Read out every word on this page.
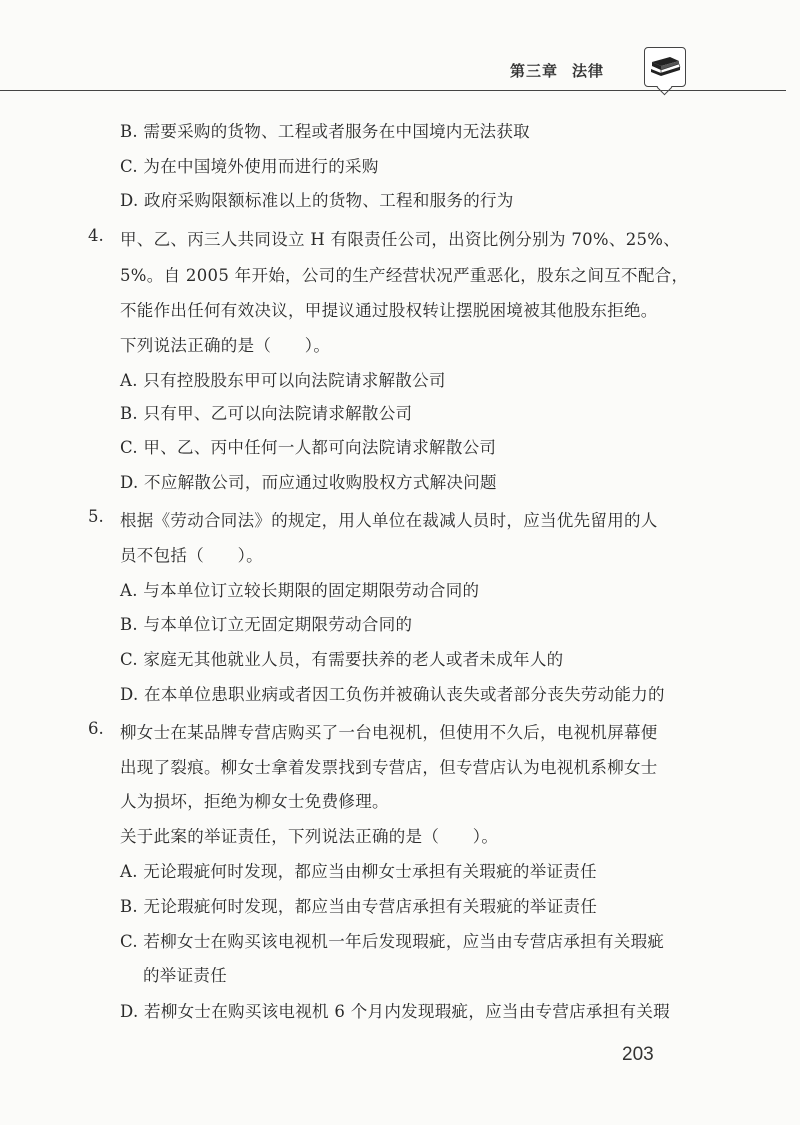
第三章 法律
B. 需要采购的货物、工程或者服务在中国境内无法获取
C. 为在中国境外使用而进行的采购
D. 政府采购限额标准以上的货物、工程和服务的行为
4. 甲、乙、丙三人共同设立 H 有限责任公司，出资比例分别为 70%、25%、
5%。自 2005 年开始，公司的生产经营状况严重恶化，股东之间互不配合，
不能作出任何有效决议，甲提议通过股权转让摆脱困境被其他股东拒绝。
下列说法正确的是（　　）。
A. 只有控股股东甲可以向法院请求解散公司
B. 只有甲、乙可以向法院请求解散公司
C. 甲、乙、丙中任何一人都可向法院请求解散公司
D. 不应解散公司，而应通过收购股权方式解决问题
5. 根据《劳动合同法》的规定，用人单位在裁减人员时，应当优先留用的人
员不包括（　　）。
A. 与本单位订立较长期限的固定期限劳动合同的
B. 与本单位订立无固定期限劳动合同的
C. 家庭无其他就业人员，有需要扶养的老人或者未成年人的
D. 在本单位患职业病或者因工负伤并被确认丧失或者部分丧失劳动能力的
6. 柳女士在某品牌专营店购买了一台电视机，但使用不久后，电视机屏幕便
出现了裂痕。柳女士拿着发票找到专营店，但专营店认为电视机系柳女士
人为损坏，拒绝为柳女士免费修理。
关于此案的举证责任，下列说法正确的是（　　）。
A. 无论瑕疵何时发现，都应当由柳女士承担有关瑕疵的举证责任
B. 无论瑕疵何时发现，都应当由专营店承担有关瑕疵的举证责任
C. 若柳女士在购买该电视机一年后发现瑕疵，应当由专营店承担有关瑕疵
的举证责任
D. 若柳女士在购买该电视机 6 个月内发现瑕疵，应当由专营店承担有关瑕
203
